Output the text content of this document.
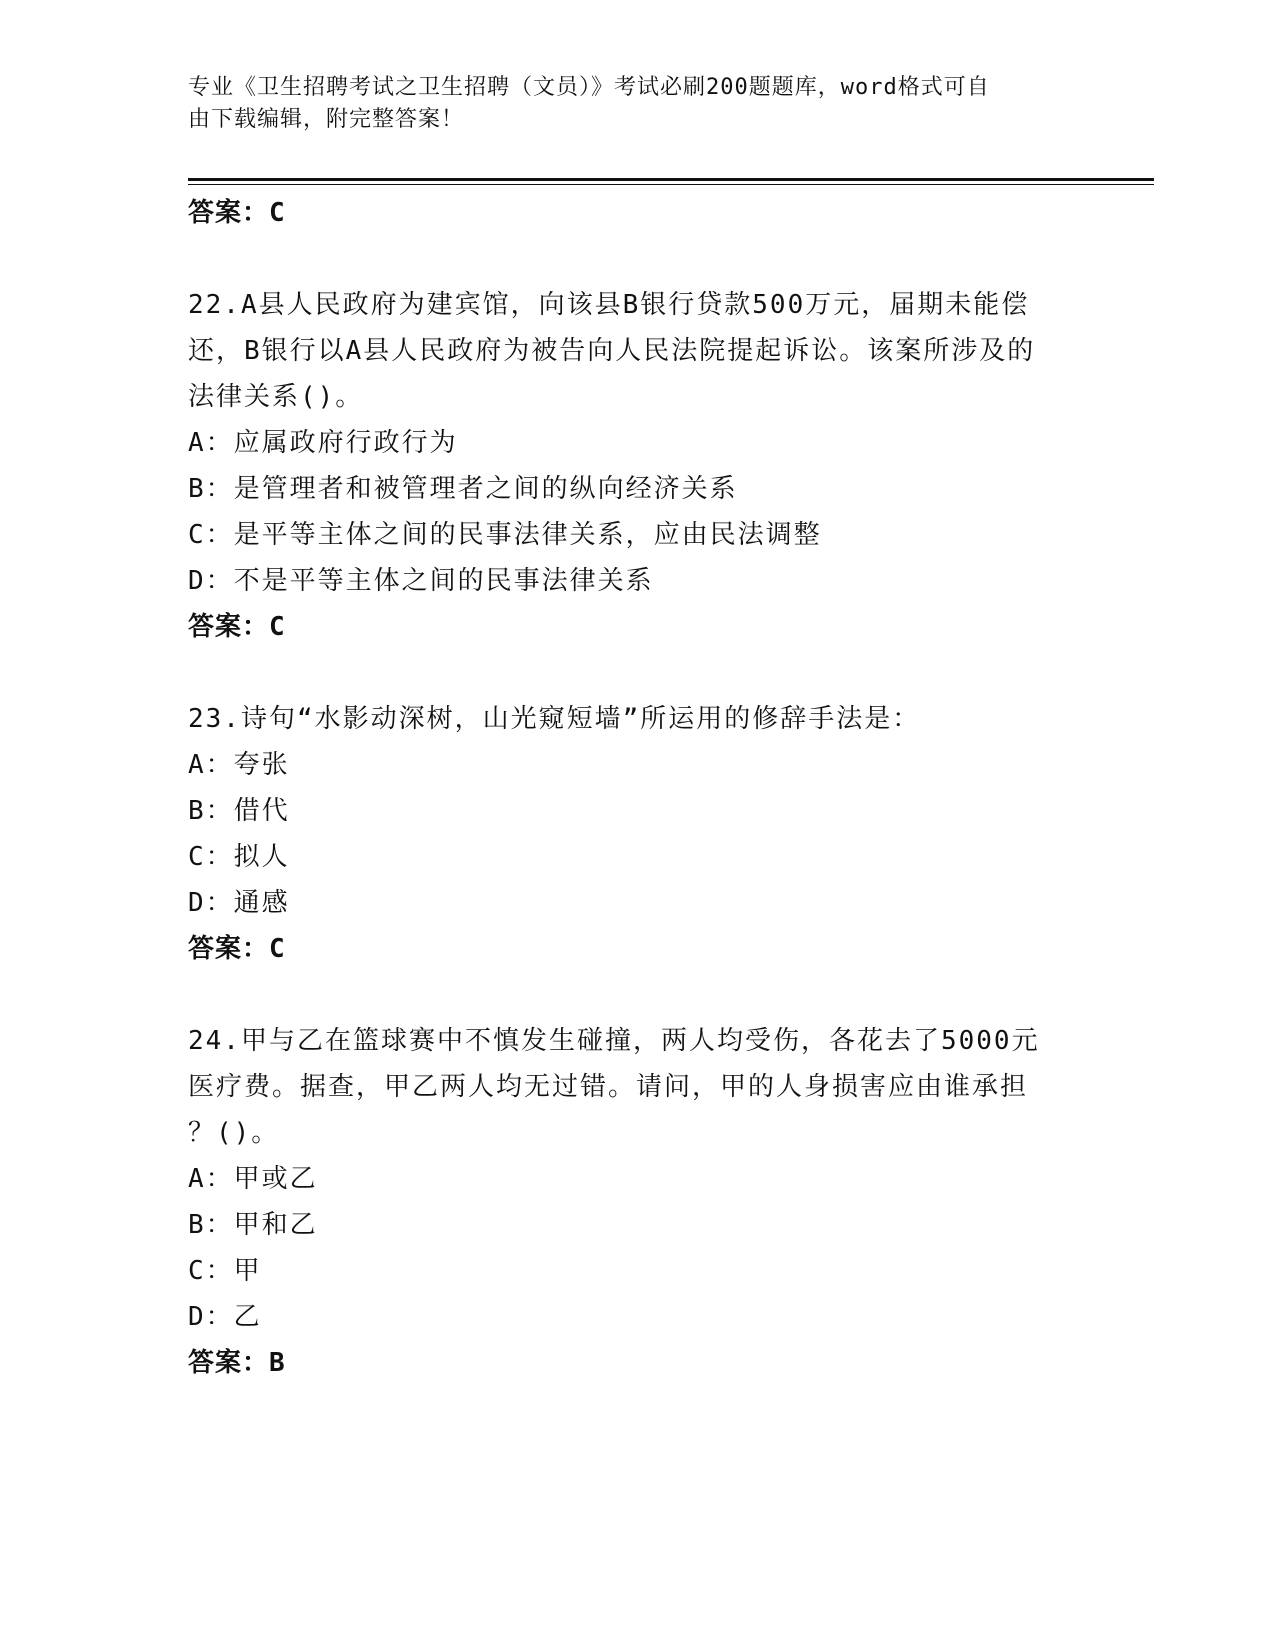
专业《卫生招聘考试之卫生招聘（文员）》考试必刷200题题库，word格式可自
由下载编辑，附完整答案！
答案：C
22.A县人民政府为建宾馆，向该县B银行贷款500万元，届期未能偿
还，B银行以A县人民政府为被告向人民法院提起诉讼。该案所涉及的
法律关系()。
A：应属政府行政行为
B：是管理者和被管理者之间的纵向经济关系
C：是平等主体之间的民事法律关系，应由民法调整
D：不是平等主体之间的民事法律关系
答案：C
23.诗句“水影动深树，山光窥短墙”所运用的修辞手法是：
A：夸张
B：借代
C：拟人
D：通感
答案：C
24.甲与乙在篮球赛中不慎发生碰撞，两人均受伤，各花去了5000元
医疗费。据查，甲乙两人均无过错。请问，甲的人身损害应由谁承担
？()。
A：甲或乙
B：甲和乙
C：甲
D：乙
答案：B
